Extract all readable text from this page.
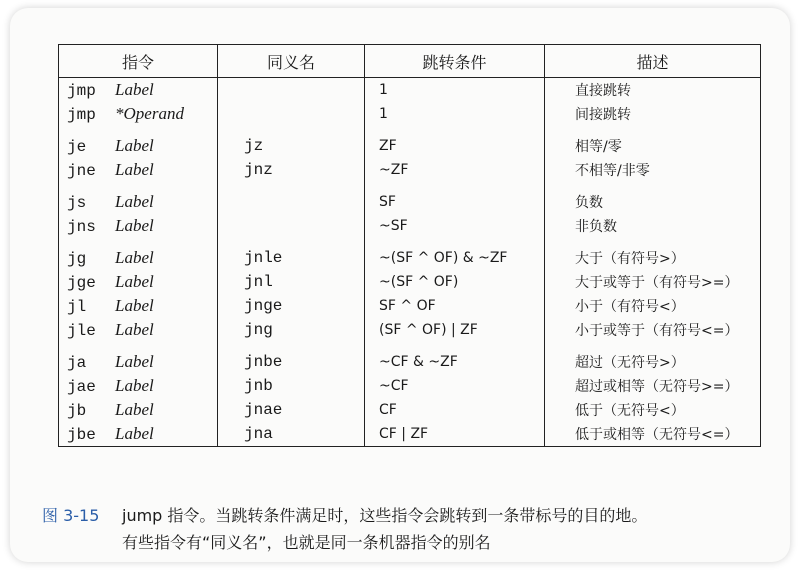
指令	同义名	跳转条件	描述
jmp Label		1	直接跳转
jmp *Operand		1	间接跳转

je Label	jz	ZF	相等/零
jne Label	jnz	~ZF	不相等/非零

js Label		SF	负数
jns Label		~SF	非负数

jg Label	jnle	~(SF ^ OF) & ~ZF	大于（有符号>）
jge Label	jnl	~(SF ^ OF)	大于或等于（有符号>=）
jl Label	jnge	SF ^ OF	小于（有符号<）
jle Label	jng	(SF ^ OF) | ZF	小于或等于（有符号<=）

ja Label	jnbe	~CF & ~ZF	超过（无符号>）
jae Label	jnb	~CF	超过或相等（无符号>=）
jb Label	jnae	CF	低于（无符号<）
jbe Label	jna	CF | ZF	低于或相等（无符号<=）
图 3-15 jump 指令。当跳转条件满足时，这些指令会跳转到一条带标号的目的地。
有些指令有“同义名”，也就是同一条机器指令的别名
